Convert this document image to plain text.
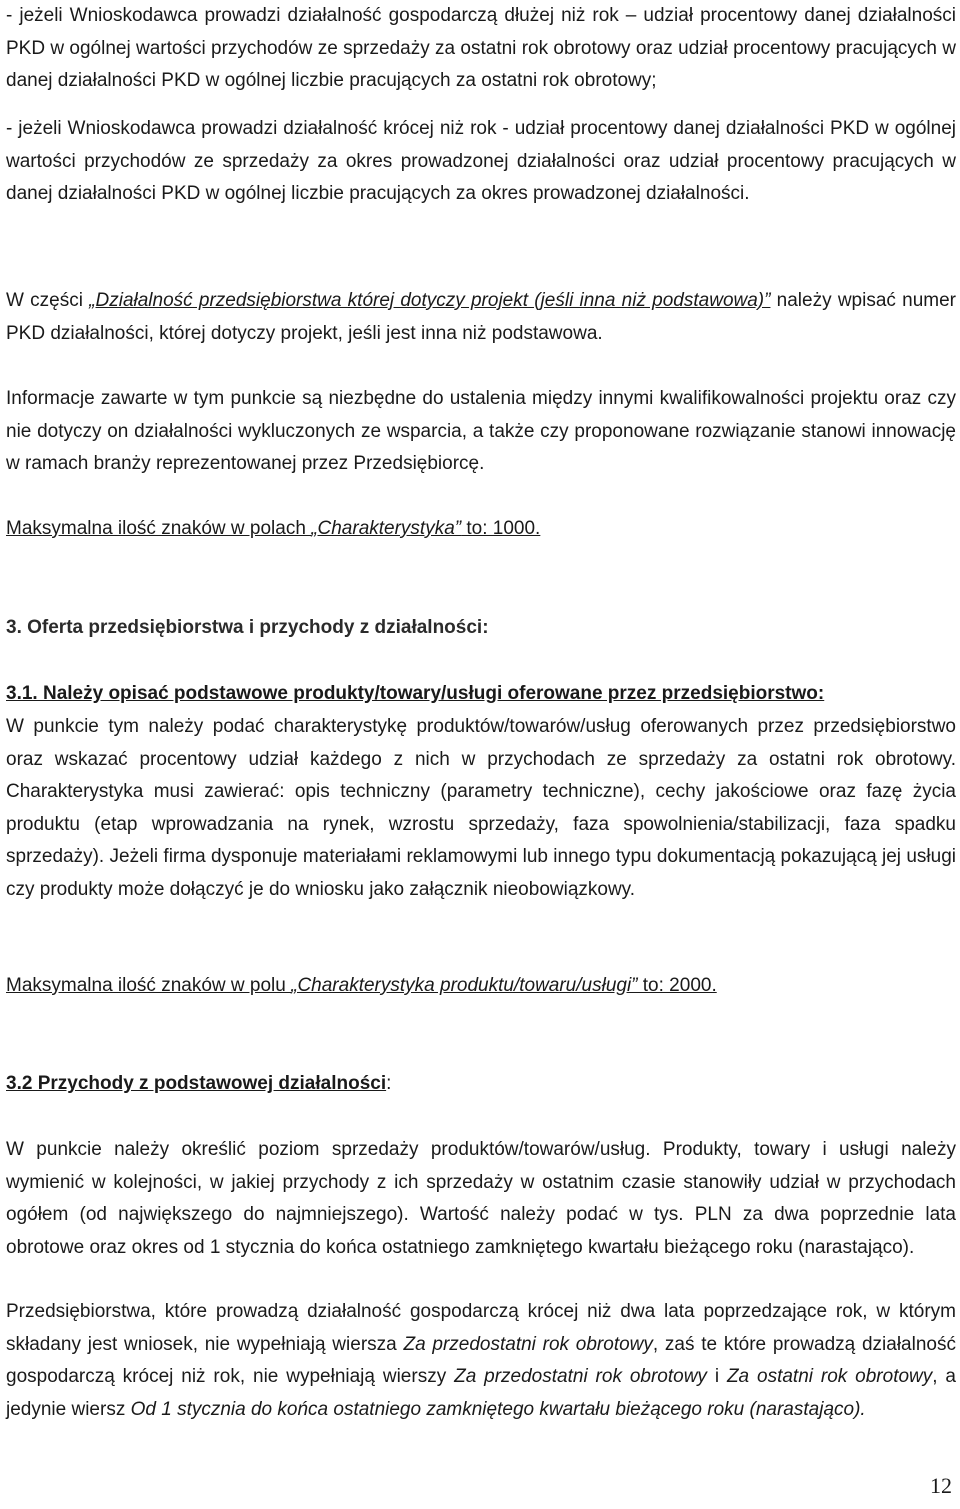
- jeżeli Wnioskodawca prowadzi działalność gospodarczą dłużej niż rok – udział procentowy danej działalności PKD w ogólnej wartości przychodów ze sprzedaży za ostatni rok obrotowy oraz udział procentowy pracujących w danej działalności PKD w ogólnej liczbie pracujących za ostatni rok obrotowy;

- jeżeli Wnioskodawca prowadzi działalność krócej niż rok - udział procentowy danej działalności PKD w ogólnej wartości przychodów ze sprzedaży za okres prowadzonej działalności oraz udział procentowy pracujących w danej działalności PKD w ogólnej liczbie pracujących za okres prowadzonej działalności.

W części „Działalność przedsiębiorstwa której dotyczy projekt (jeśli inna niż podstawowa)” należy wpisać numer PKD działalności, której dotyczy projekt, jeśli jest inna niż podstawowa.

Informacje zawarte w tym punkcie są niezbędne do ustalenia między innymi kwalifikowalności projektu oraz czy nie dotyczy on działalności wykluczonych ze wsparcia, a także czy proponowane rozwiązanie stanowi innowację w ramach branży reprezentowanej przez Przedsiębiorcę.

Maksymalna ilość znaków w polach „Charakterystyka” to: 1000.

3. Oferta przedsiębiorstwa i przychody z działalności:

3.1. Należy opisać podstawowe produkty/towary/usługi oferowane przez przedsiębiorstwo:

W punkcie tym należy podać charakterystykę produktów/towarów/usług oferowanych przez przedsiębiorstwo oraz wskazać procentowy udział każdego z nich w przychodach ze sprzedaży za ostatni rok obrotowy. Charakterystyka musi zawierać: opis techniczny (parametry techniczne), cechy jakościowe oraz fazę życia produktu (etap wprowadzania na rynek, wzrostu sprzedaży, faza spowolnienia/stabilizacji, faza spadku sprzedaży). Jeżeli firma dysponuje materiałami reklamowymi lub innego typu dokumentacją pokazującą jej usługi czy produkty może dołączyć je do wniosku jako załącznik nieobowiązkowy.

Maksymalna ilość znaków w polu „Charakterystyka produktu/towaru/usługi” to: 2000.

3.2 Przychody z podstawowej działalności:

W punkcie należy określić poziom sprzedaży produktów/towarów/usług. Produkty, towary i usługi należy wymienić w kolejności, w jakiej przychody z ich sprzedaży w ostatnim czasie stanowiły udział w przychodach ogółem (od największego do najmniejszego). Wartość należy podać w tys. PLN za dwa poprzednie lata obrotowe oraz okres od 1 stycznia do końca ostatniego zamkniętego kwartału bieżącego roku (narastająco).

Przedsiębiorstwa, które prowadzą działalność gospodarczą krócej niż dwa lata poprzedzające rok, w którym składany jest wniosek, nie wypełniają wiersza Za przedostatni rok obrotowy, zaś te które prowadzą działalność gospodarczą krócej niż rok, nie wypełniają wierszy Za przedostatni rok obrotowy i Za ostatni rok obrotowy, a jedynie wiersz Od 1 stycznia do końca ostatniego zamkniętego kwartału bieżącego roku (narastająco).

12
